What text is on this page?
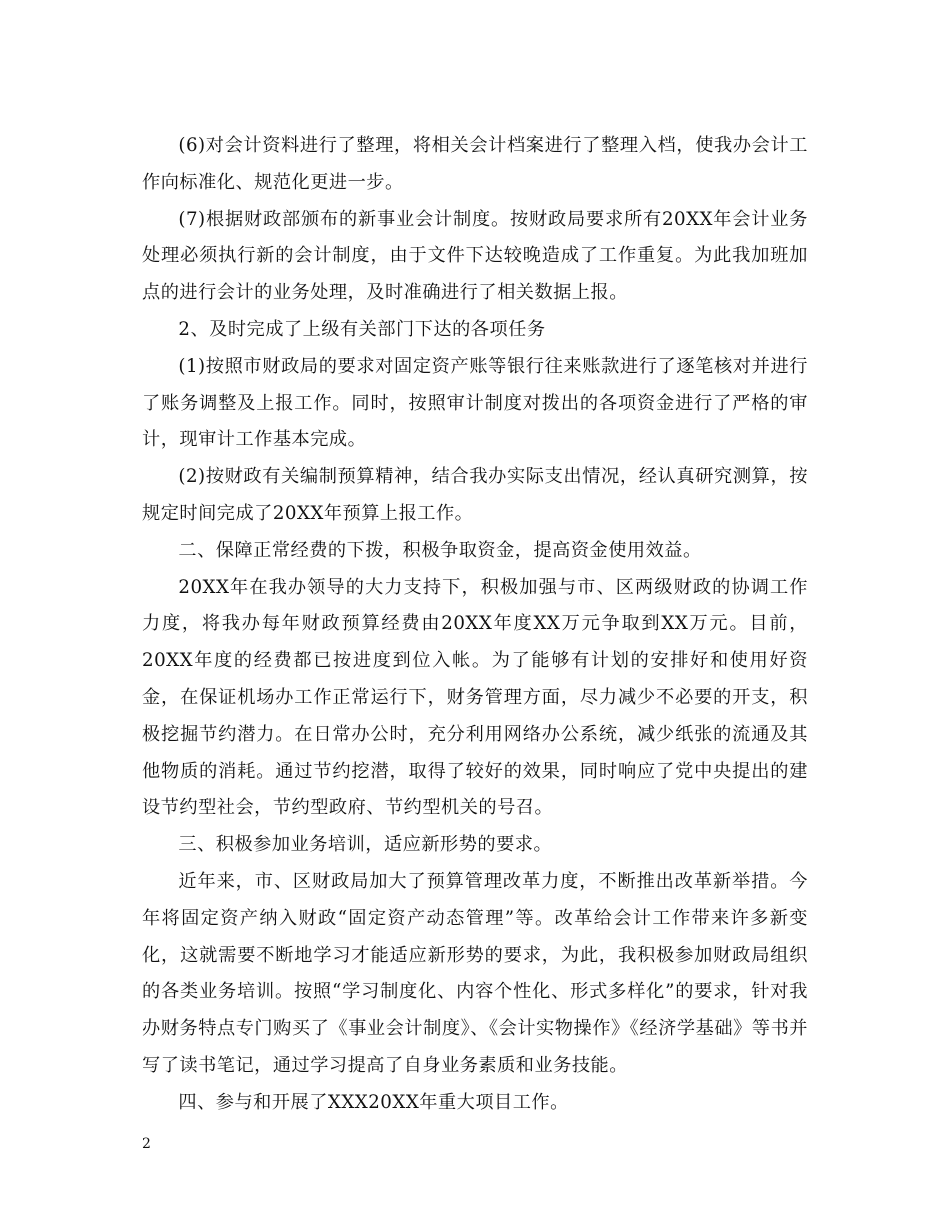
(6)对会计资料进行了整理，将相关会计档案进行了整理入档，使我办会计工作向标准化、规范化更进一步。

(7)根据财政部颁布的新事业会计制度。按财政局要求所有20XX年会计业务处理必须执行新的会计制度，由于文件下达较晚造成了工作重复。为此我加班加点的进行会计的业务处理，及时准确进行了相关数据上报。

2、及时完成了上级有关部门下达的各项任务

(1)按照市财政局的要求对固定资产账等银行往来账款进行了逐笔核对并进行了账务调整及上报工作。同时，按照审计制度对拨出的各项资金进行了严格的审计，现审计工作基本完成。

(2)按财政有关编制预算精神，结合我办实际支出情况，经认真研究测算，按规定时间完成了20XX年预算上报工作。

二、保障正常经费的下拨，积极争取资金，提高资金使用效益。

20XX年在我办领导的大力支持下，积极加强与市、区两级财政的协调工作力度，将我办每年财政预算经费由20XX年度XX万元争取到XX万元。目前，20XX年度的经费都已按进度到位入帐。为了能够有计划的安排好和使用好资金，在保证机场办工作正常运行下，财务管理方面，尽力减少不必要的开支，积极挖掘节约潜力。在日常办公时，充分利用网络办公系统，减少纸张的流通及其他物质的消耗。通过节约挖潜，取得了较好的效果，同时响应了党中央提出的建设节约型社会，节约型政府、节约型机关的号召。

三、积极参加业务培训，适应新形势的要求。

近年来，市、区财政局加大了预算管理改革力度，不断推出改革新举措。今年将固定资产纳入财政“固定资产动态管理”等。改革给会计工作带来许多新变化，这就需要不断地学习才能适应新形势的要求，为此，我积极参加财政局组织的各类业务培训。按照“学习制度化、内容个性化、形式多样化”的要求，针对我办财务特点专门购买了《事业会计制度》、《会计实物操作》《经济学基础》等书并写了读书笔记，通过学习提高了自身业务素质和业务技能。

四、参与和开展了XXX20XX年重大项目工作。

2
